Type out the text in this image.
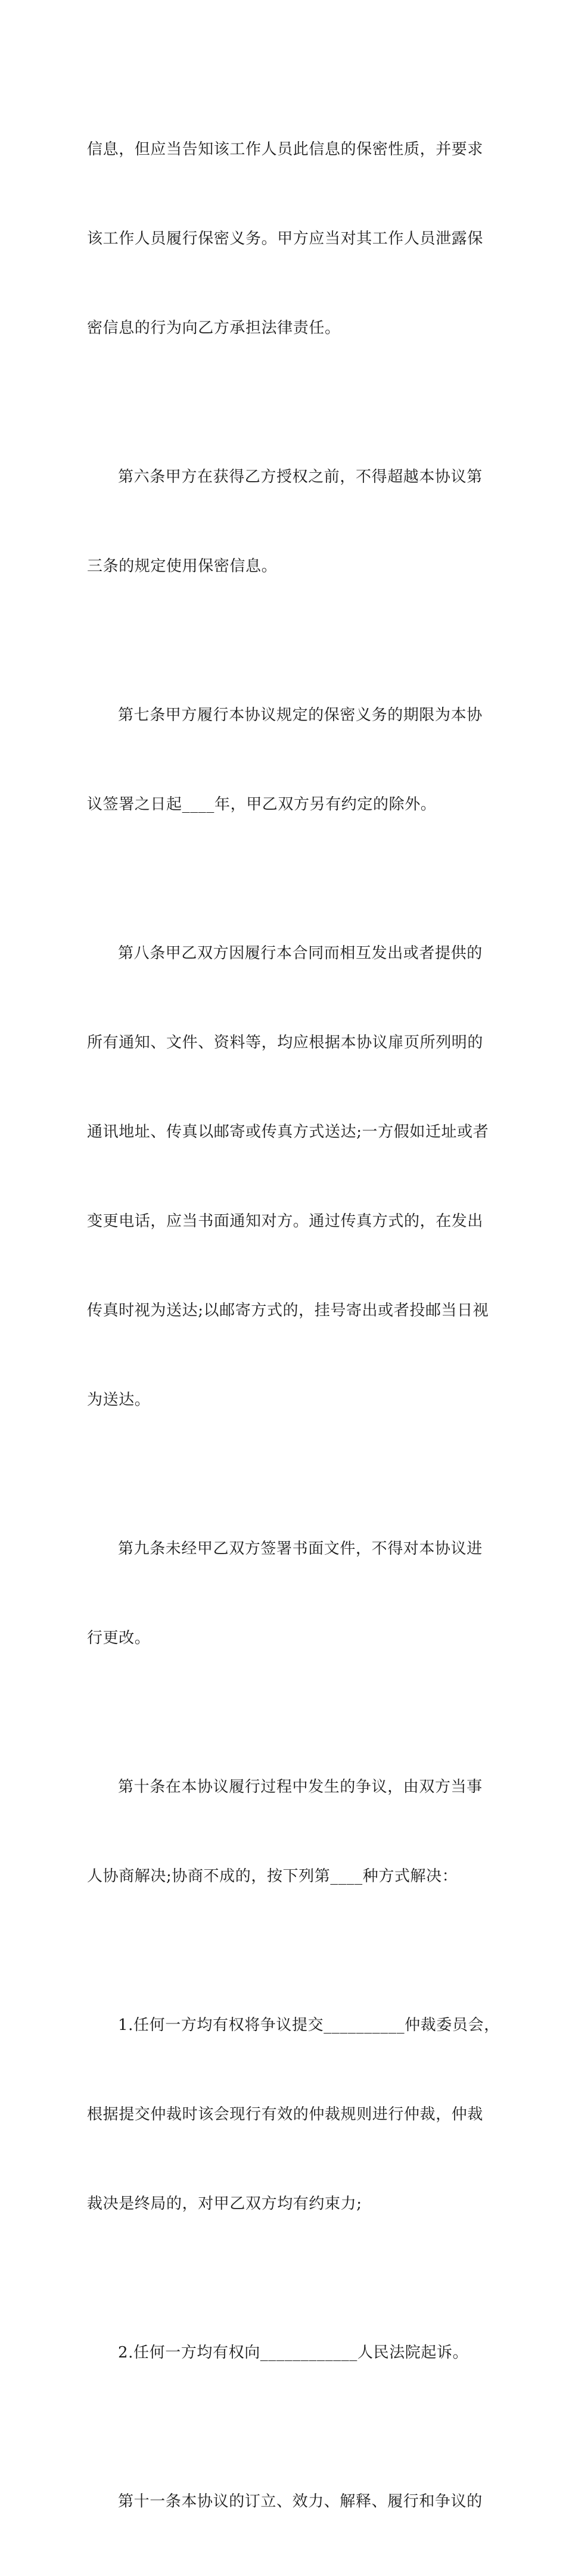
信息，但应当告知该工作人员此信息的保密性质，并要求

该工作人员履行保密义务。甲方应当对其工作人员泄露保

密信息的行为向乙方承担法律责任。

第六条甲方在获得乙方授权之前，不得超越本协议第

三条的规定使用保密信息。

第七条甲方履行本协议规定的保密义务的期限为本协

议签署之日起____年，甲乙双方另有约定的除外。

第八条甲乙双方因履行本合同而相互发出或者提供的

所有通知、文件、资料等，均应根据本协议扉页所列明的

通讯地址、传真以邮寄或传真方式送达;一方假如迁址或者

变更电话，应当书面通知对方。通过传真方式的，在发出

传真时视为送达;以邮寄方式的，挂号寄出或者投邮当日视

为送达。

第九条未经甲乙双方签署书面文件，不得对本协议进

行更改。

第十条在本协议履行过程中发生的争议，由双方当事

人协商解决;协商不成的，按下列第____种方式解决：

1.任何一方均有权将争议提交__________仲裁委员会，

根据提交仲裁时该会现行有效的仲裁规则进行仲裁，仲裁

裁决是终局的，对甲乙双方均有约束力;

2.任何一方均有权向____________人民法院起诉。

第十一条本协议的订立、效力、解释、履行和争议的
